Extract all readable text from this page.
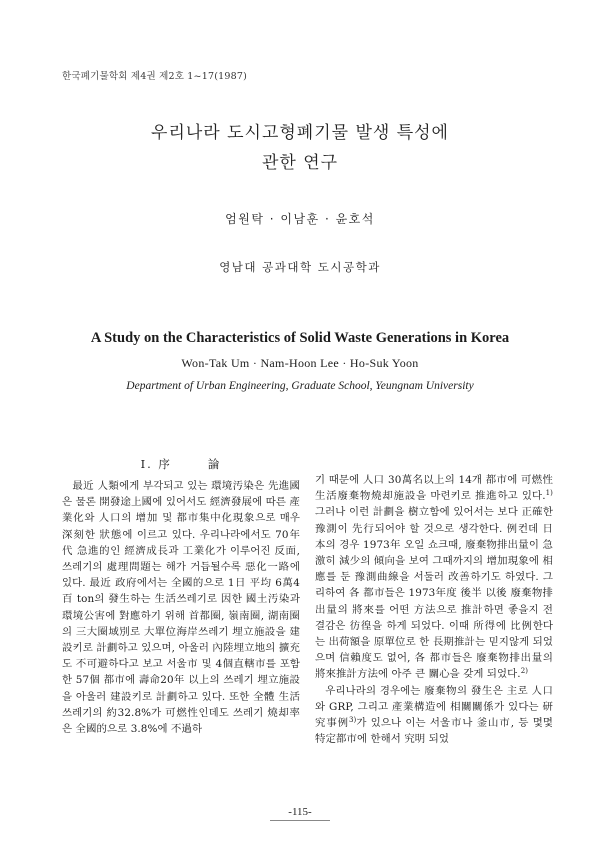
한국폐기물학회 제4권 제2호 1~17(1987)
우리나라 도시고형폐기물 발생 특성에
관한 연구
엄원탁 · 이남훈 · 윤호석
영남대 공과대학 도시공학과
A Study on the Characteristics of Solid Waste Generations in Korea
Won-Tak Um · Nam-Hoon Lee · Ho-Suk Yoon
Department of Urban Engineering, Graduate School, Yeungnam University
I. 序	論

最近 人類에게 부각되고 있는 環境汚染은 先進國은 물론 開發途上國에 있어서도 經濟發展에 따른 產業化와 人口의 增加 및 都市集中化現象으로 매우 深刻한 狀態에 이르고 있다. 우리나라에서도 70年代 急進的인 經濟成長과 工業化가 이루어진 反面, 쓰레기의 處理問題는 해가 거듭될수록 惡化一路에 있다. 最近 政府에서는 全國的으로 1日 平均 6萬4百 ton의 發生하는 生活쓰레기로 因한 國土汚染과 環境公害에 對應하기 위해 首都圈, 嶺南圈, 湖南圈의 三大圈域別로 大單位海岸쓰레기 埋立施設을 建設키로 計劃하고 있으며, 아울러 內陸埋立地의 擴充도 不可避하다고 보고 서울市 및 4個直轄市를 포함한 57個 都市에 壽命20年 以上의 쓰레기 埋立施設을 아울러 建設키로 計劃하고 있다. 또한 全體 生活쓰레기의 約32.8%가 可燃性인데도 쓰레기 燒却率은 全國的으로 3.8%에 不過하

기 때문에 人口 30萬名以上의 14개 都市에 可燃性生活廢棄物燒却施設을 마련키로 推進하고 있다.$^{1)}$ 그러나 이런 計劃을 樹立함에 있어서는 보다 正確한 豫測이 先行되어야 할 것으로 생각한다. 例컨데 日本의 경우 1973年 오일 쇼크때, 廢棄物排出量이 急激히 減少의 傾向을 보여 그때까지의 增加現象에 相應를 둔 豫測曲線을 서둘러 改善하기도 하였다. 그리하여 各 都市들은 1973年度 後半 以後 廢棄物排出量의 將來를 어떤 方法으로 推計하면 좋을지 전 결감은 彷徨을 하게 되었다. 이때 所得에 比例한다는 出荷額을 原單位로 한 長期推計는 믿지않게 되었으며 信賴度도 없어, 各 都市들은 廢棄物排出量의 將來推計方法에 아주 큰 關心을 갖게 되었다.$^{2)}$

우리나라의 경우에는 廢棄物의 發生은 主로 人口와 GRP, 그리고 產業構造에 相關關係가 있다는 研究事例$^{3)}$가 있으나 이는 서울市나 釜山市, 등 몇몇 特定都市에 한해서 究明 되었

-115-
